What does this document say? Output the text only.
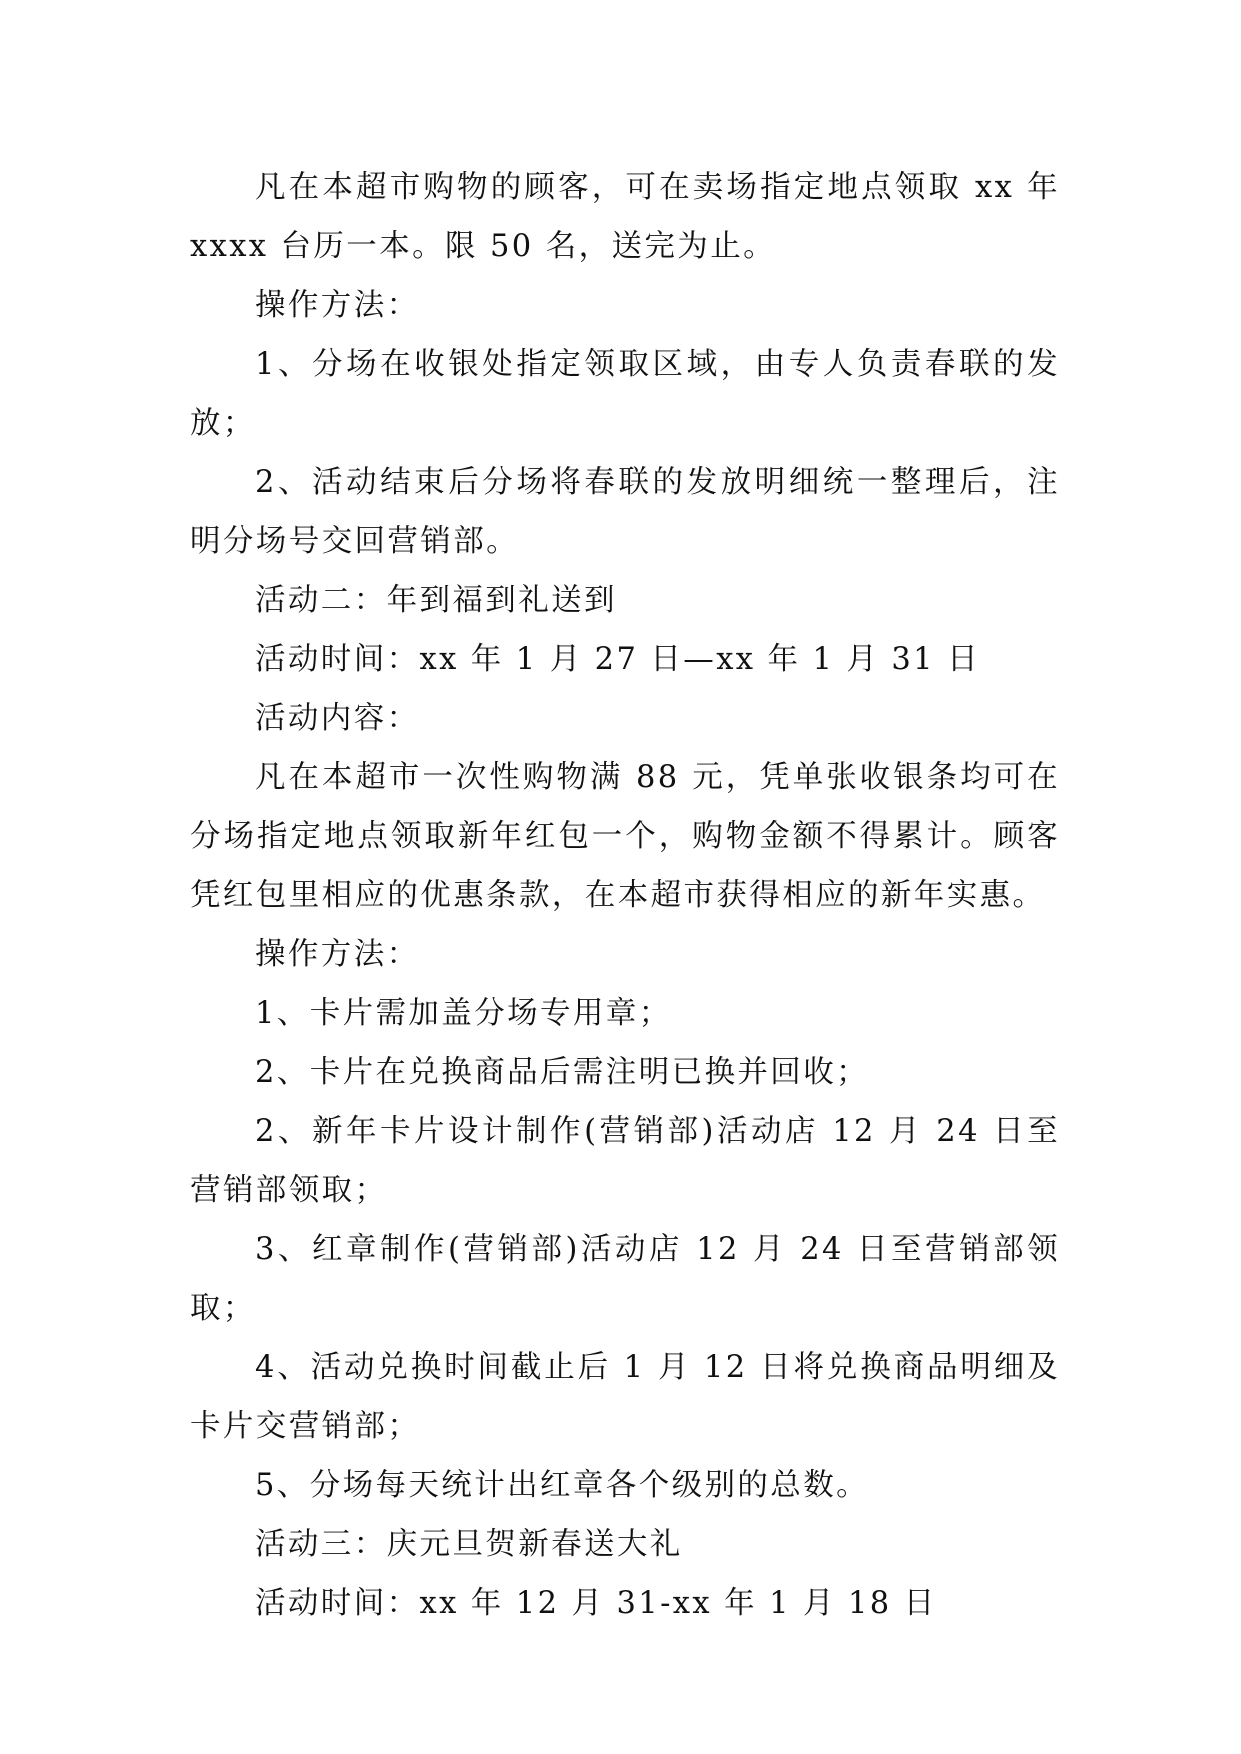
凡在本超市购物的顾客，可在卖场指定地点领取 xx 年 xxxx 台历一本。限 50 名，送完为止。

操作方法：

1、分场在收银处指定领取区域，由专人负责春联的发放；

2、活动结束后分场将春联的发放明细统一整理后，注明分场号交回营销部。

活动二：年到福到礼送到

活动时间：xx 年 1 月 27 日—xx 年 1 月 31 日

活动内容：

凡在本超市一次性购物满 88 元，凭单张收银条均可在分场指定地点领取新年红包一个，购物金额不得累计。顾客凭红包里相应的优惠条款，在本超市获得相应的新年实惠。

操作方法：

1、卡片需加盖分场专用章；

2、卡片在兑换商品后需注明已换并回收；

2、新年卡片设计制作(营销部)活动店 12 月 24 日至营销部领取；

3、红章制作(营销部)活动店 12 月 24 日至营销部领取；

4、活动兑换时间截止后 1 月 12 日将兑换商品明细及卡片交营销部；

5、分场每天统计出红章各个级别的总数。

活动三：庆元旦贺新春送大礼

活动时间：xx 年 12 月 31-xx 年 1 月 18 日
